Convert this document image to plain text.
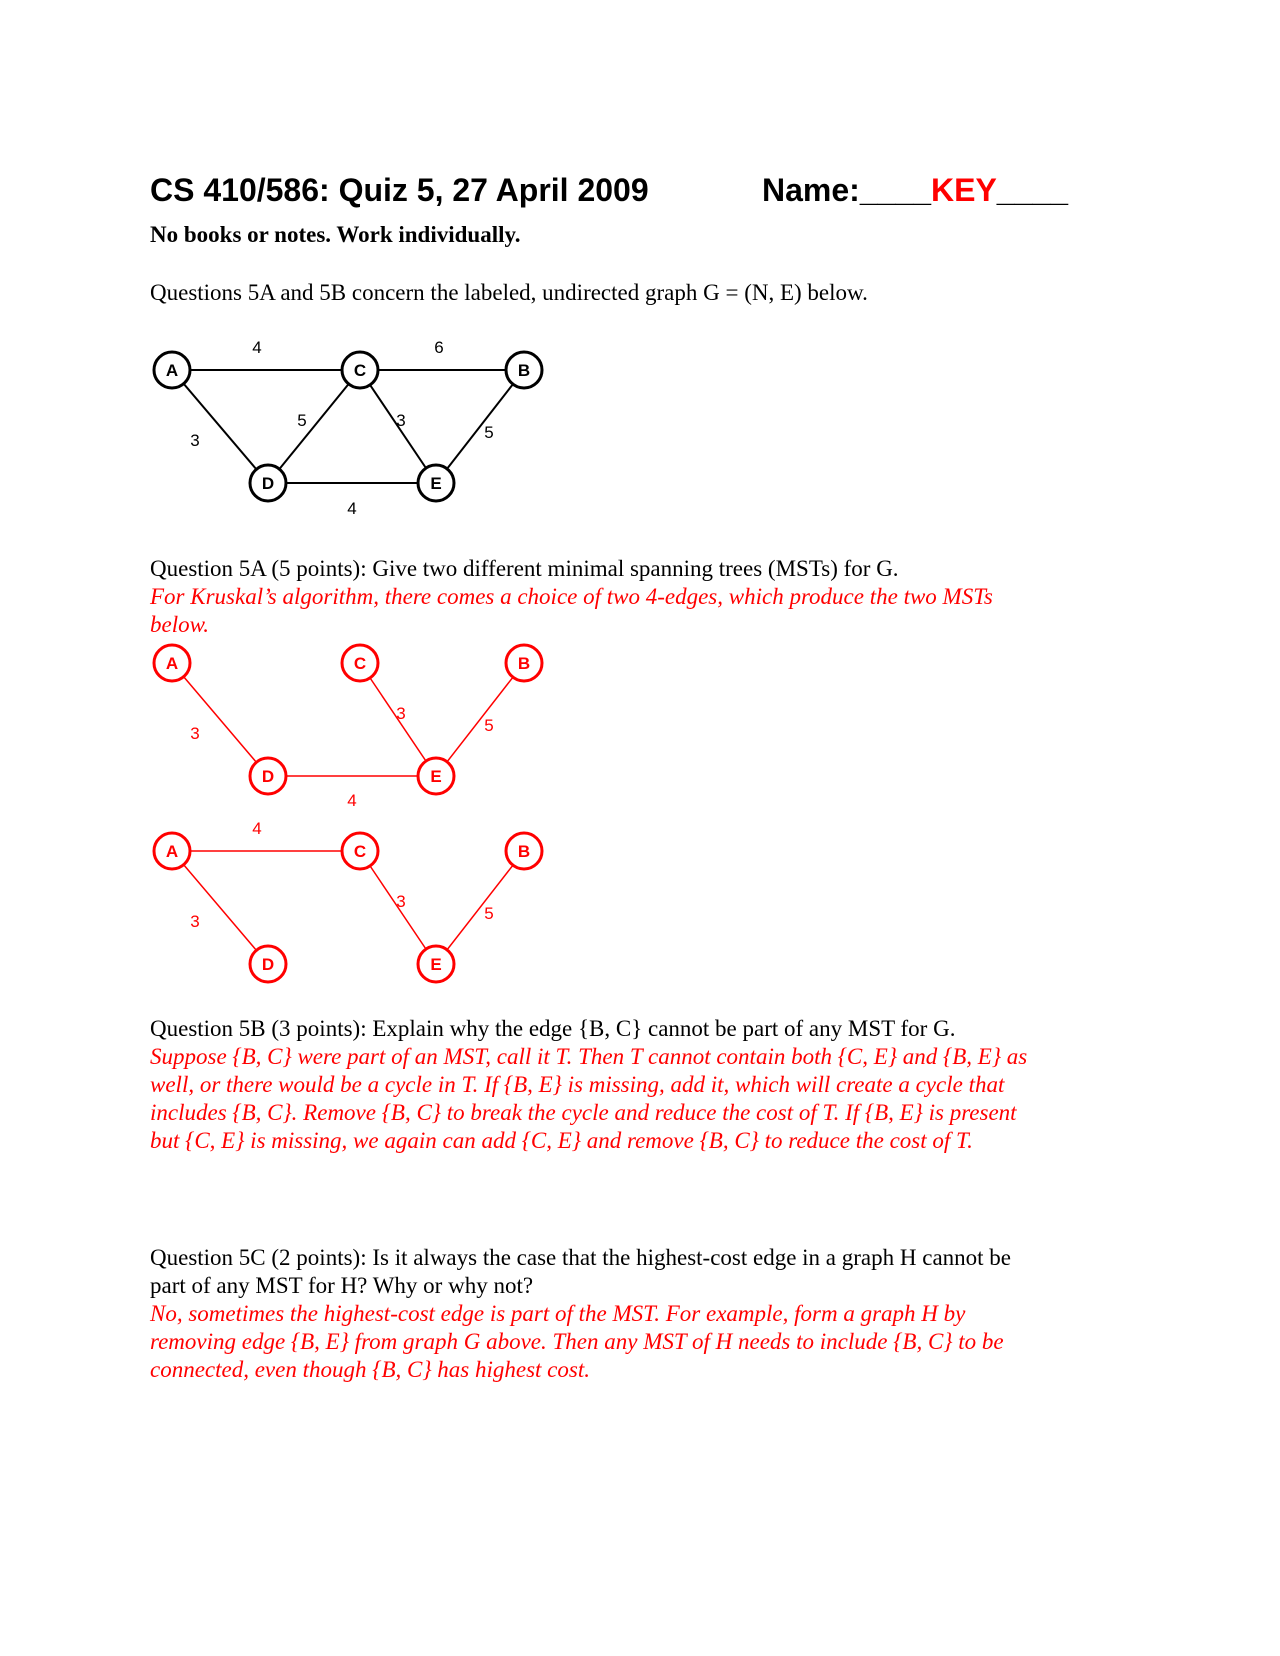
CS 410/586: Quiz 5, 27 April 2009	Name:____KEY____
No books or notes. Work individually.
Questions 5A and 5B concern the labeled, undirected graph G = (N, E) below.
4	6
3
5	3
5
4
A	C	B
D	E
Question 5A (5 points): Give two different minimal spanning trees (MSTs) for G.
For Kruskal’s algorithm, there comes a choice of two 4-edges, which produce the two MSTs
below.
3
3
5
4
A	C	B
D	E
4
3
3
5
A	C	B
D	E
Question 5B (3 points): Explain why the edge {B, C} cannot be part of any MST for G.
Suppose {B, C} were part of an MST, call it T. Then T cannot contain both {C, E} and {B, E} as
well, or there would be a cycle in T. If {B, E} is missing, add it, which will create a cycle that
includes {B, C}. Remove {B, C} to break the cycle and reduce the cost of T. If {B, E} is present
but {C, E} is missing, we again can add {C, E} and remove {B, C} to reduce the cost of T.
Question 5C (2 points): Is it always the case that the highest-cost edge in a graph H cannot be
part of any MST for H? Why or why not?
No, sometimes the highest-cost edge is part of the MST. For example, form a graph H by
removing edge {B, E} from graph G above. Then any MST of H needs to include {B, C} to be
connected, even though {B, C} has highest cost.
